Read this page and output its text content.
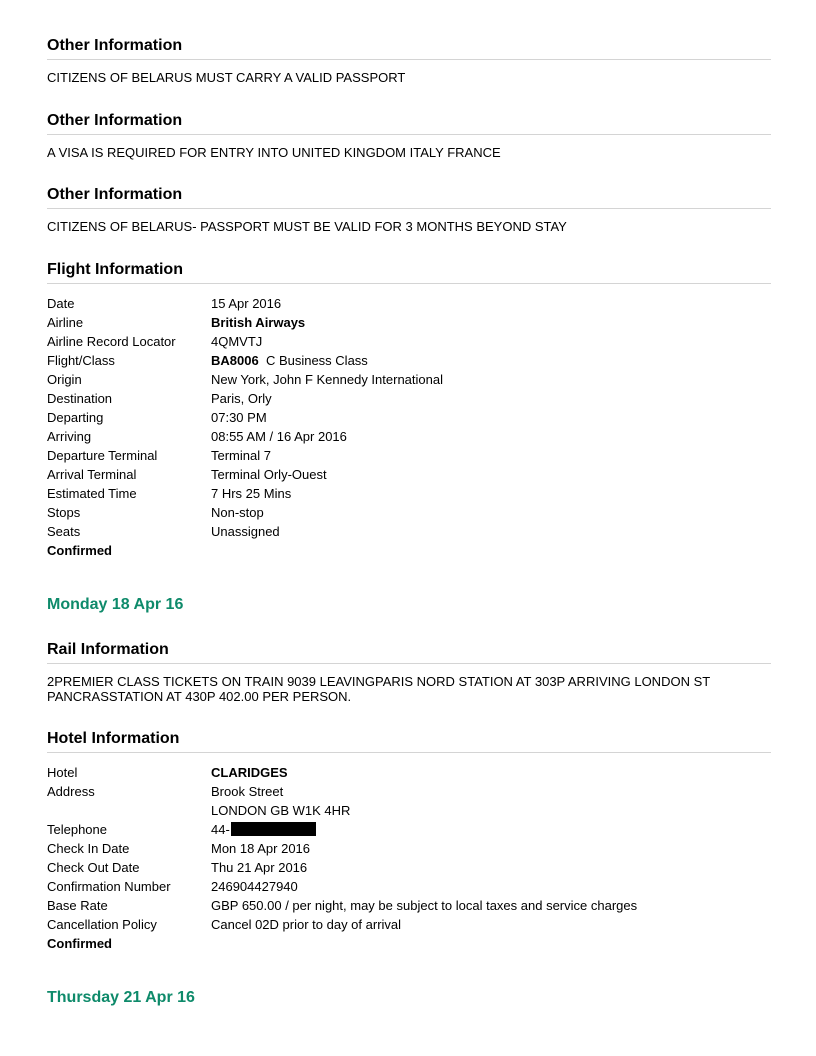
Other Information
CITIZENS OF BELARUS MUST CARRY A VALID PASSPORT
Other Information
A VISA IS REQUIRED FOR ENTRY INTO UNITED KINGDOM ITALY FRANCE
Other Information
CITIZENS OF BELARUS- PASSPORT MUST BE VALID FOR 3 MONTHS BEYOND STAY
Flight Information
Date	15 Apr 2016
Airline	British Airways
Airline Record Locator	4QMVTJ
Flight/Class	BA8006 C Business Class
Origin	New York, John F Kennedy International
Destination	Paris, Orly
Departing	07:30 PM
Arriving	08:55 AM / 16 Apr 2016
Departure Terminal	Terminal 7
Arrival Terminal	Terminal Orly-Ouest
Estimated Time	7 Hrs 25 Mins
Stops	Non-stop
Seats	Unassigned
Confirmed
Monday 18 Apr 16
Rail Information
2PREMIER CLASS TICKETS ON TRAIN 9039 LEAVINGPARIS NORD STATION AT 303P ARRIVING LONDON ST PANCRASSTATION AT 430P 402.00 PER PERSON.
Hotel Information
Hotel	CLARIDGES
Address	Brook Street
LONDON GB W1K 4HR
Telephone	44-
Check In Date	Mon 18 Apr 2016
Check Out Date	Thu 21 Apr 2016
Confirmation Number	246904427940
Base Rate	GBP 650.00 / per night, may be subject to local taxes and service charges
Cancellation Policy	Cancel 02D prior to day of arrival
Confirmed
Thursday 21 Apr 16
